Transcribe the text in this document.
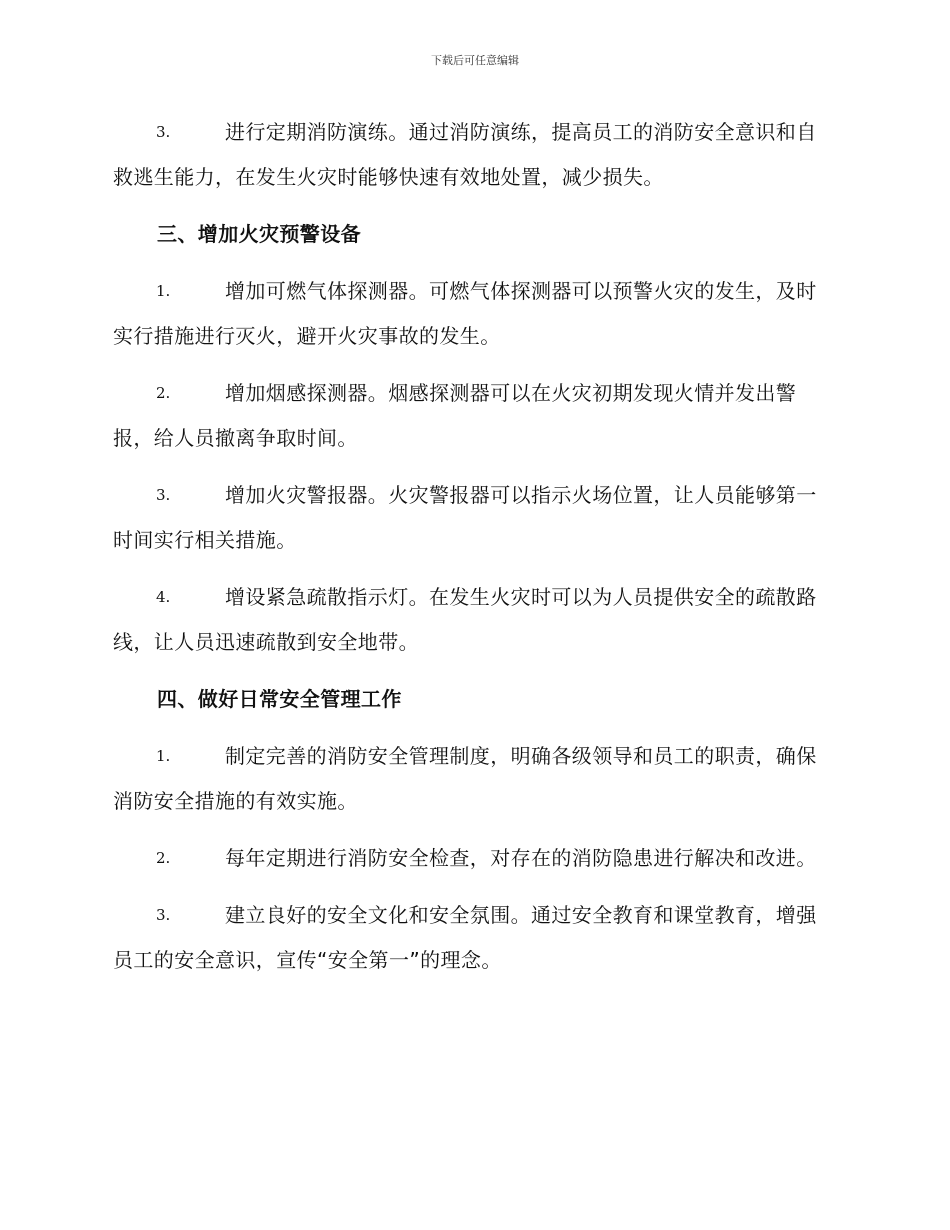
下载后可任意编辑

3.	进行定期消防演练。通过消防演练，提高员工的消防安全意识和自救逃生能力，在发生火灾时能够快速有效地处置，减少损失。

三、增加火灾预警设备

1.	增加可燃气体探测器。可燃气体探测器可以预警火灾的发生，及时实行措施进行灭火，避开火灾事故的发生。

2.	增加烟感探测器。烟感探测器可以在火灾初期发现火情并发出警报，给人员撤离争取时间。

3.	增加火灾警报器。火灾警报器可以指示火场位置，让人员能够第一时间实行相关措施。

4.	增设紧急疏散指示灯。在发生火灾时可以为人员提供安全的疏散路线，让人员迅速疏散到安全地带。

四、做好日常安全管理工作

1.	制定完善的消防安全管理制度，明确各级领导和员工的职责，确保消防安全措施的有效实施。

2.	每年定期进行消防安全检查，对存在的消防隐患进行解决和改进。

3.	建立良好的安全文化和安全氛围。通过安全教育和课堂教育，增强员工的安全意识，宣传“安全第一”的理念。
